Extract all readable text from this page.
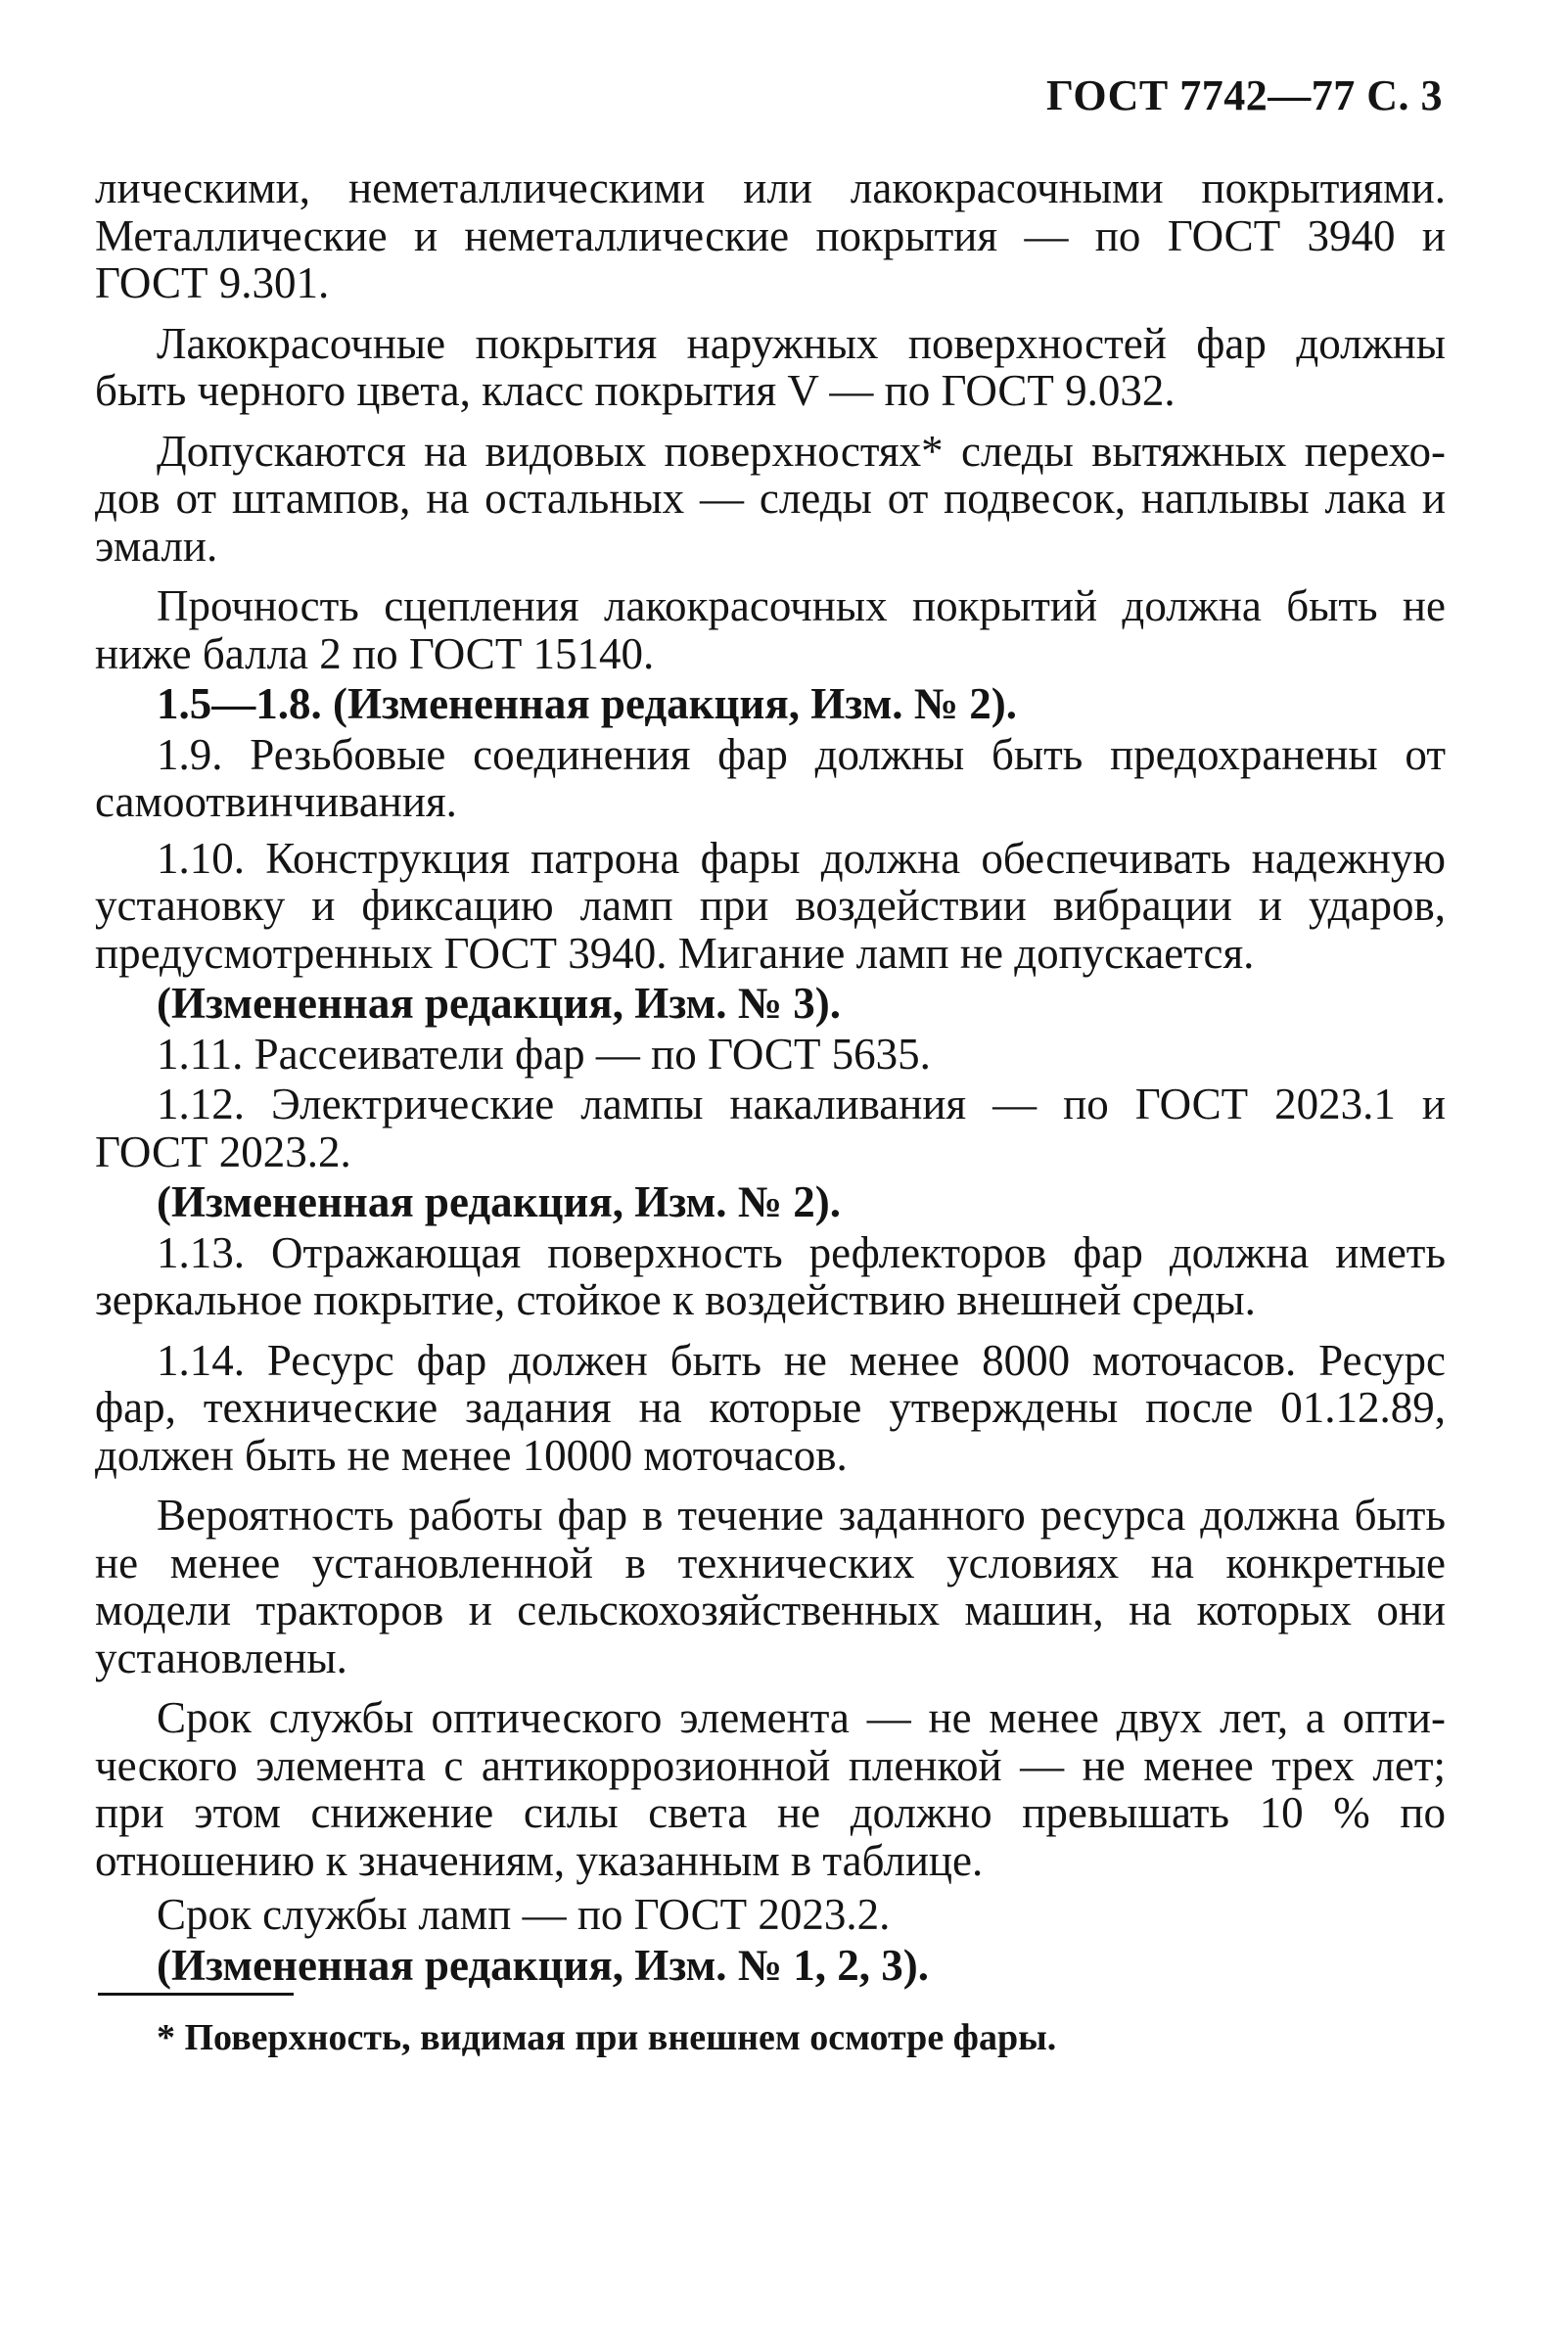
ГОСТ 7742—77 С. 3
лическими, неметаллическими или лакокрасочными покрытиями.
Металлические и неметаллические покрытия — по ГОСТ 3940 и
ГОСТ 9.301.
Лакокрасочные покрытия наружных поверхностей фар должны
быть черного цвета, класс покрытия V — по ГОСТ 9.032.
Допускаются на видовых поверхностях* следы вытяжных перехо-
дов от штампов, на остальных — следы от подвесок, наплывы лака и
эмали.
Прочность сцепления лакокрасочных покрытий должна быть не
ниже балла 2 по ГОСТ 15140.
1.5—1.8. (Измененная редакция, Изм. № 2).
1.9. Резьбовые соединения фар должны быть предохранены от
самоотвинчивания.
1.10. Конструкция патрона фары должна обеспечивать надежную
установку и фиксацию ламп при воздействии вибрации и ударов,
предусмотренных ГОСТ 3940. Мигание ламп не допускается.
(Измененная редакция, Изм. № 3).
1.11. Рассеиватели фар — по ГОСТ 5635.
1.12. Электрические лампы накаливания — по ГОСТ 2023.1 и
ГОСТ 2023.2.
(Измененная редакция, Изм. № 2).
1.13. Отражающая поверхность рефлекторов фар должна иметь
зеркальное покрытие, стойкое к воздействию внешней среды.
1.14. Ресурс фар должен быть не менее 8000 моточасов. Ресурс
фар, технические задания на которые утверждены после 01.12.89,
должен быть не менее 10000 моточасов.
Вероятность работы фар в течение заданного ресурса должна быть
не менее установленной в технических условиях на конкретные
модели тракторов и сельскохозяйственных машин, на которых они
установлены.
Срок службы оптического элемента — не менее двух лет, а опти-
ческого элемента с антикоррозионной пленкой — не менее трех лет;
при этом снижение силы света не должно превышать 10 % по
отношению к значениям, указанным в таблице.
Срок службы ламп — по ГОСТ 2023.2.
(Измененная редакция, Изм. № 1, 2, 3).
* Поверхность, видимая при внешнем осмотре фары.
